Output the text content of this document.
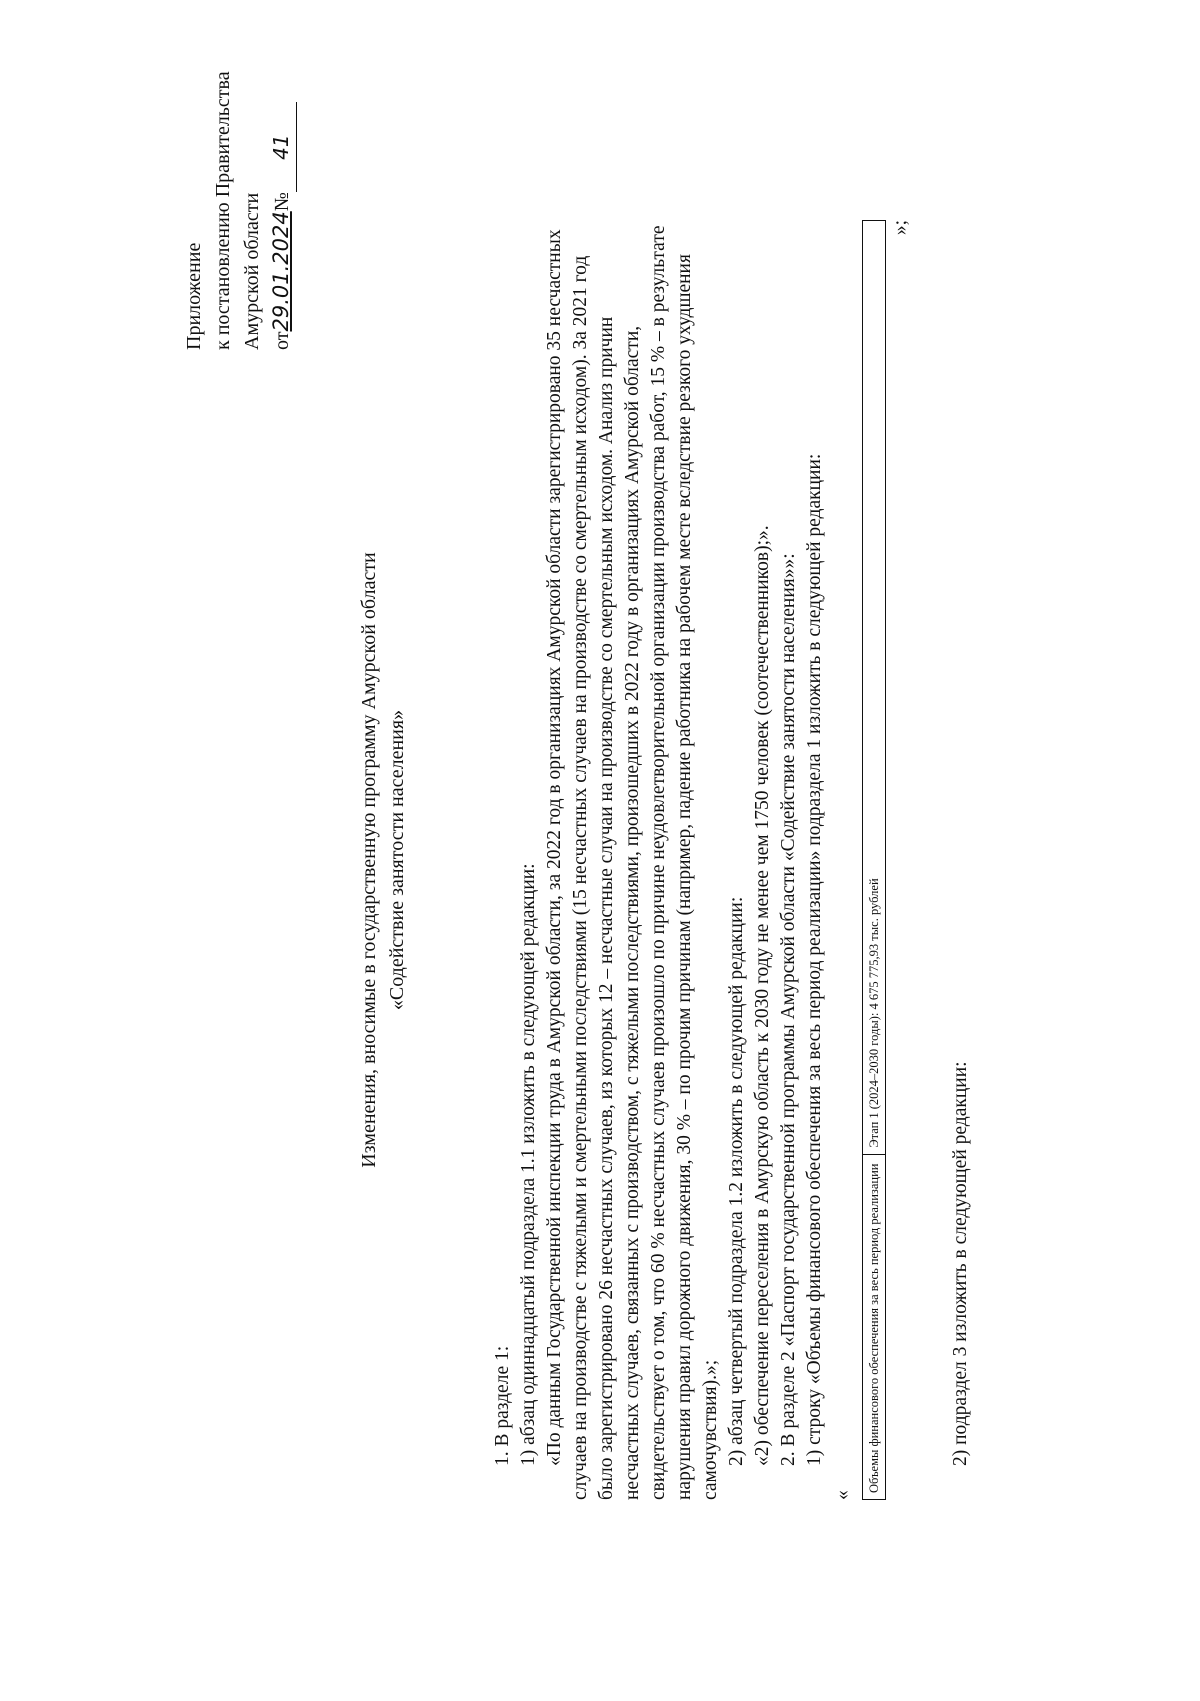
Приложение к постановлению Правительства Амурской области от29.01.2024№41
Изменения, вносимые в государственную программу Амурской области «Содействие занятости населения»

1. В разделе 1: 1) абзац одиннадцатый подраздела 1.1 изложить в следующей редакции: «По данным Государственной инспекции труда в Амурской области, за 2022 год в организациях Амурской области зарегистрировано 35 несчастных случаев на производстве с тяжелыми и смертельными последствиями (15 несчастных случаев на производстве со смертельным исходом). За 2021 год было зарегистрировано 26 несчастных случаев, из которых 12 – несчастные случаи на производстве со смертельным исходом. Анализ причин несчастных случаев, связанных с производством, с тяжелыми последствиями, произошедших в 2022 году в организациях Амурской области, свидетельствует о том, что 60 % несчастных случаев произошло по причине неудовлетворительной организации производства работ, 15 % – в результате нарушения правил дорожного движения, 30 % – по прочим причинам (например, падение работника на рабочем месте вследствие резкого ухудшения самочувствия).»; 2) абзац четвертый подраздела 1.2 изложить в следующей редакции: «2) обеспечение переселения в Амурскую область к 2030 году не менее чем 1750 человек (соотечественников);». 2. В разделе 2 «Паспорт государственной программы Амурской области «Содействие занятости населения»»: 1) строку «Объемы финансового обеспечения за весь период реализации» подраздела 1 изложить в следующей редакции:

«

Объемы финансового обеспечения за весь период реализации	Этап 1 (2024–2030 годы): 4 675 775,93 тыс. рублей

»;

2) подраздел 3 изложить в следующей редакции:
